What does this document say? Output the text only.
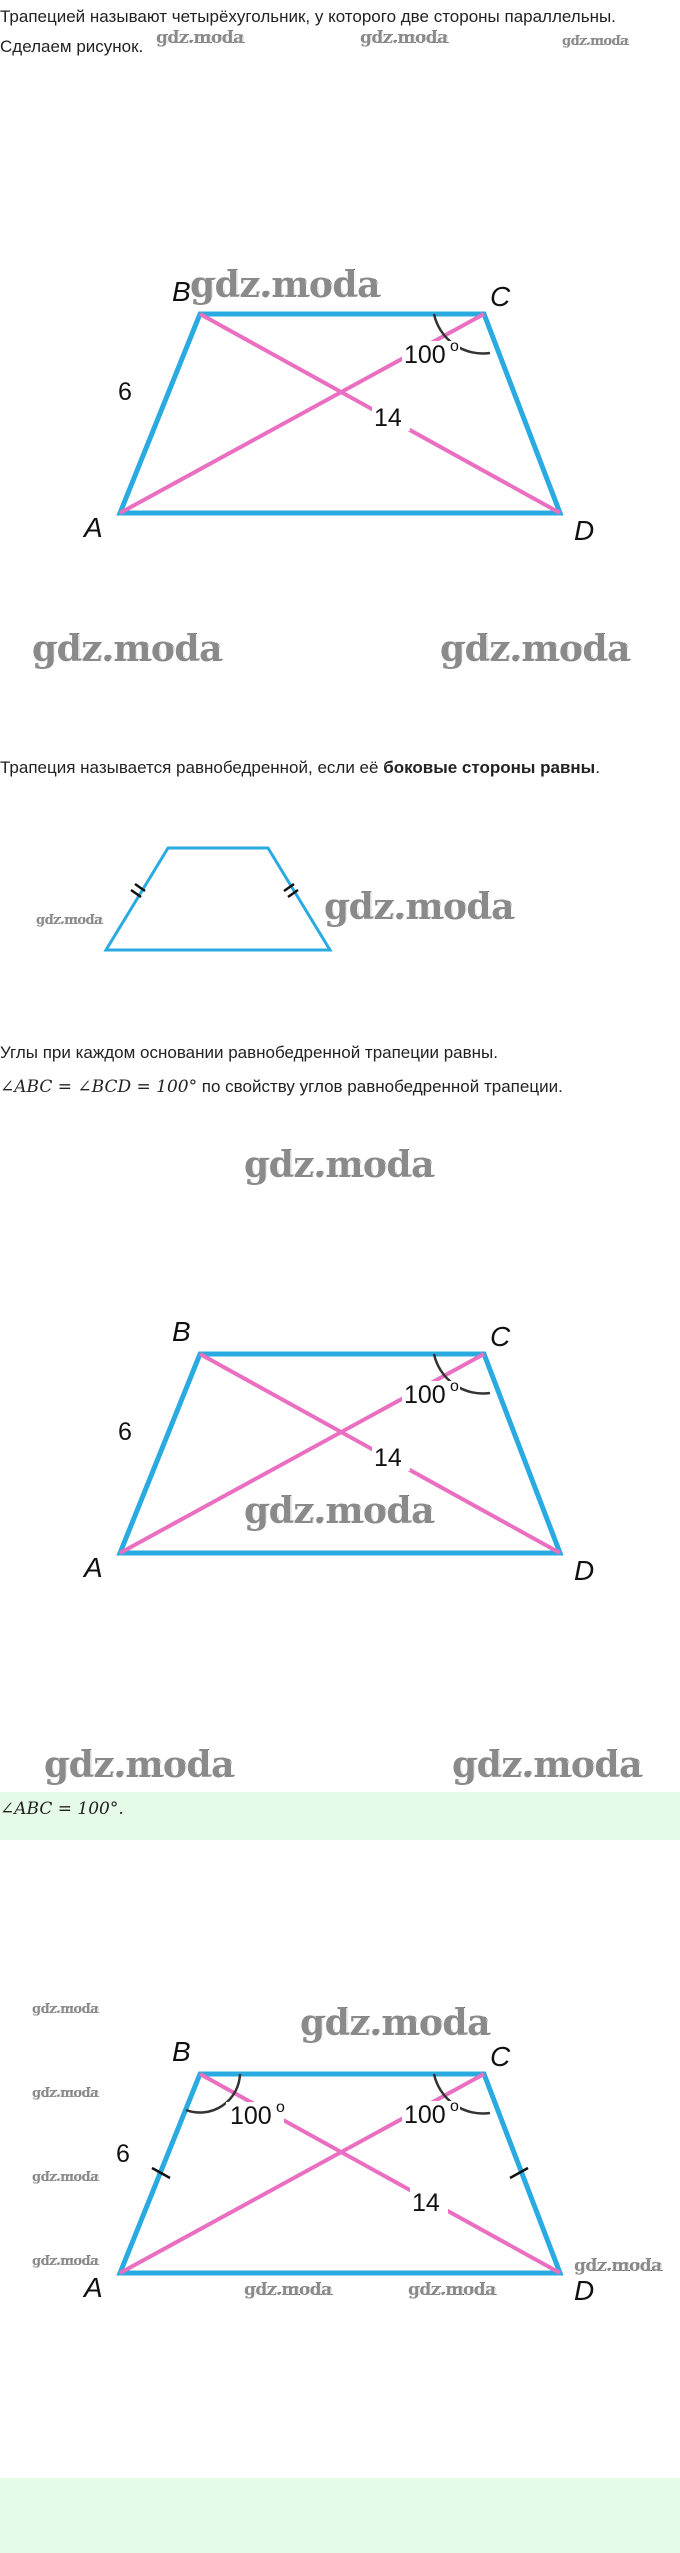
Трапецией называют четырёхугольник, у которого две стороны параллельны.
Сделаем рисунок. gdz.moda	gdz.moda	gdz.moda
100 o
14
6
B	C
A	D
gdz.moda
gdz.moda	gdz.moda
Трапеция называется равнобедренной, если её боковые стороны равны.
gdz.moda	gdz.moda
Углы при каждом основании равнобедренной трапеции равны.
∠ABC = ∠BCD = 100° по свойству углов равнобедренной трапеции.
gdz.moda
100 o
14
6
B	C
A	D
gdz.moda
gdz.moda	gdz.moda
∠ABC = 100°.
100 o	100 o
14
6
B	C
A	D
gdz.moda
gdz.moda
gdz.moda
gdz.moda
gdz.moda	gdz.moda
gdz.moda	gdz.moda
